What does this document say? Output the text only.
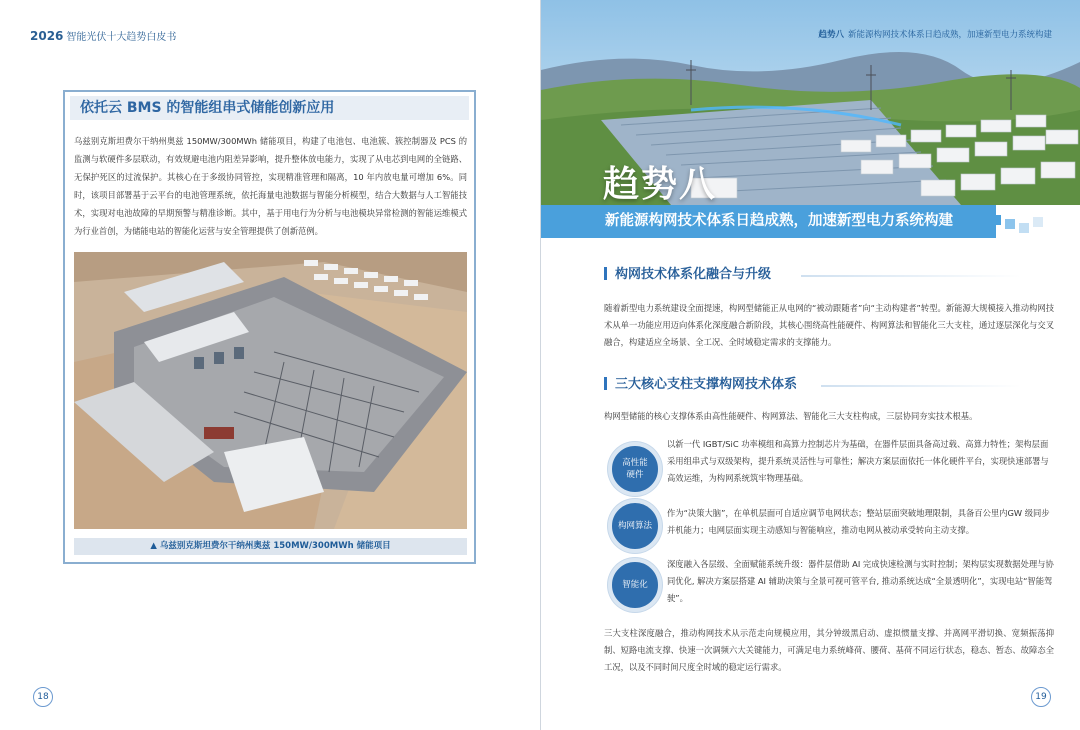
2026 智能光伏十大趋势白皮书
依托云 BMS 的智能组串式储能创新应用
乌兹别克斯坦费尔干纳州奥兹 150MW/300MWh 储能项目，构建了电池包、电池簇、簇控制器及 PCS 的监测与软硬件多层联动，有效规避电池内阻差异影响，提升整体放电能力，实现了从电芯到电网的全链路、无保护死区的过流保护。其核心在于多级协同管控，实现精准管理和隔离，10 年内放电量可增加 6%。同时，该项目部署基于云平台的电池管理系统，依托海量电池数据与智能分析模型，结合大数据与人工智能技术，实现对电池故障的早期预警与精准诊断。其中，基于用电行为分析与电池模块异常检测的智能运维模式为行业首创，为储能电站的智能化运营与安全管理提供了创新范例。
▲ 乌兹别克斯坦费尔干纳州奥兹 150MW/300MWh 储能项目
18
趋势八 新能源构网技术体系日趋成熟，加速新型电力系统构建
趋势八
新能源构网技术体系日趋成熟，加速新型电力系统构建
构网技术体系化融合与升级
随着新型电力系统建设全面提速，构网型储能正从电网的“被动跟随者”向“主动构建者”转型。新能源大规模接入推动构网技术从单一功能应用迈向体系化深度融合新阶段，其核心围绕高性能硬件、构网算法和智能化三大支柱，通过逐层深化与交叉融合，构建适应全场景、全工况、全时域稳定需求的支撑能力。
三大核心支柱支撑构网技术体系
构网型储能的核心支撑体系由高性能硬件、构网算法、智能化三大支柱构成，三层协同夯实技术根基。
高性能
硬件
以新一代 IGBT/SiC 功率模组和高算力控制芯片为基础，在器件层面具备高过载、高算力特性；架构层面采用组串式与双级架构，提升系统灵活性与可靠性；解决方案层面依托一体化硬件平台，实现快速部署与高效运维，为构网系统筑牢物理基础。
构网算法
作为“决策大脑”，在单机层面可自适应调节电网状态；整站层面突破地理限制，具备百公里内GW 级同步并机能力；电网层面实现主动感知与智能响应，推动电网从被动承受转向主动支撑。
智能化
深度融入各层级、全面赋能系统升级：器件层借助 AI 完成快速检测与实时控制；架构层实现数据处理与协同优化, 解决方案层搭建 AI 辅助决策与全景可视可管平台, 推动系统达成“全景透明化”，实现电站“智能驾驶”。
三大支柱深度融合，推动构网技术从示范走向规模应用，其分钟级黑启动、虚拟惯量支撑、并离网平滑切换、宽频振荡抑制、短路电流支撑、快速一次调频六大关键能力，可满足电力系统峰荷、腰荷、基荷不同运行状态，稳态、暂态、故障态全工况，以及不同时间尺度全时域的稳定运行需求。
19
